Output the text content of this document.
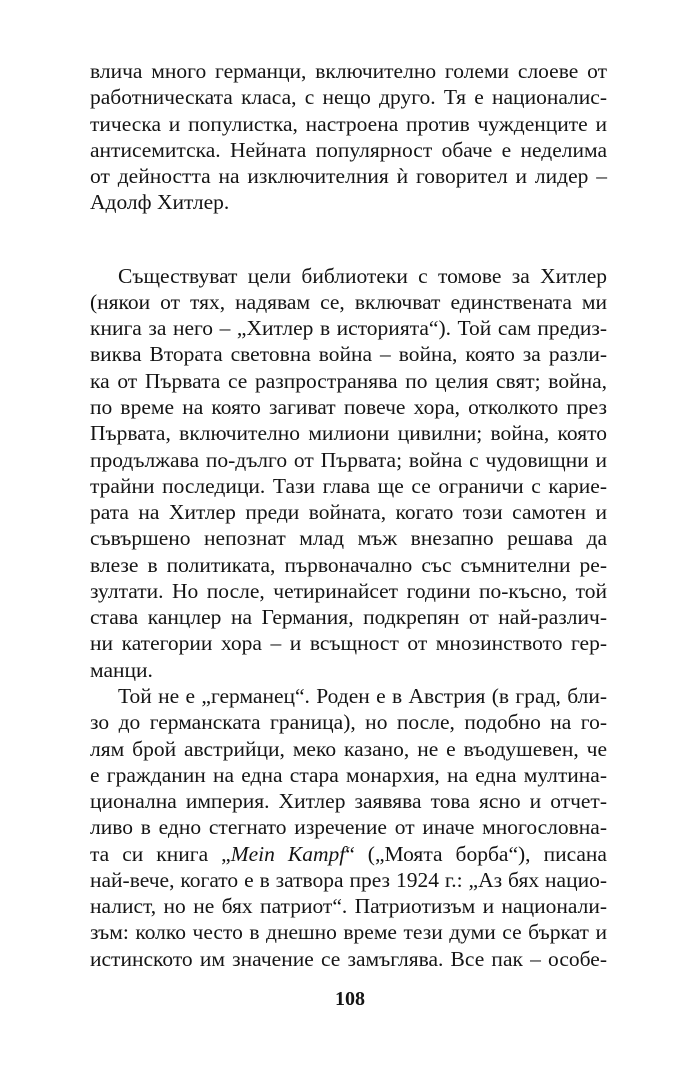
влича много германци, включително големи слоеве от
работническата класа, с нещо друго. Тя е националис-
тическа и популистка, настроена против чужденците и
антисемитска. Нейната популярност обаче е неделима
от дейността на изключителния ѝ говорител и лидер –
Адолф Хитлер.
Съществуват цели библиотеки с томове за Хитлер
(някои от тях, надявам се, включват единствената ми
книга за него – „Хитлер в историята“). Той сам предиз-
виква Втората световна война – война, която за разли-
ка от Първата се разпространява по целия свят; война,
по време на която загиват повече хора, отколкото през
Първата, включително милиони цивилни; война, която
продължава по-дълго от Първата; война с чудовищни и
трайни последици. Тази глава ще се ограничи с карие-
рата на Хитлер преди войната, когато този самотен и
съвършено непознат млад мъж внезапно решава да
влезе в политиката, първоначално със съмнителни ре-
зултати. Но после, четиринайсет години по-късно, той
става канцлер на Германия, подкрепян от най-различ-
ни категории хора – и всъщност от мнозинството гер-
манци.
Той не е „германец“. Роден е в Австрия (в град, бли-
зо до германската граница), но после, подобно на го-
лям брой австрийци, меко казано, не е въодушевен, че
е гражданин на една стара монархия, на една мултина-
ционална империя. Хитлер заявява това ясно и отчет-
ливо в едно стегнато изречение от иначе многословна-
та си книга „Mein Kampf“ („Моята борба“), писана
най-вече, когато е в затвора през 1924 г.: „Аз бях нацио-
налист, но не бях патриот“. Патриотизъм и национали-
зъм: колко често в днешно време тези думи се бъркат и
истинското им значение се замъглява. Все пак – особе-
108
